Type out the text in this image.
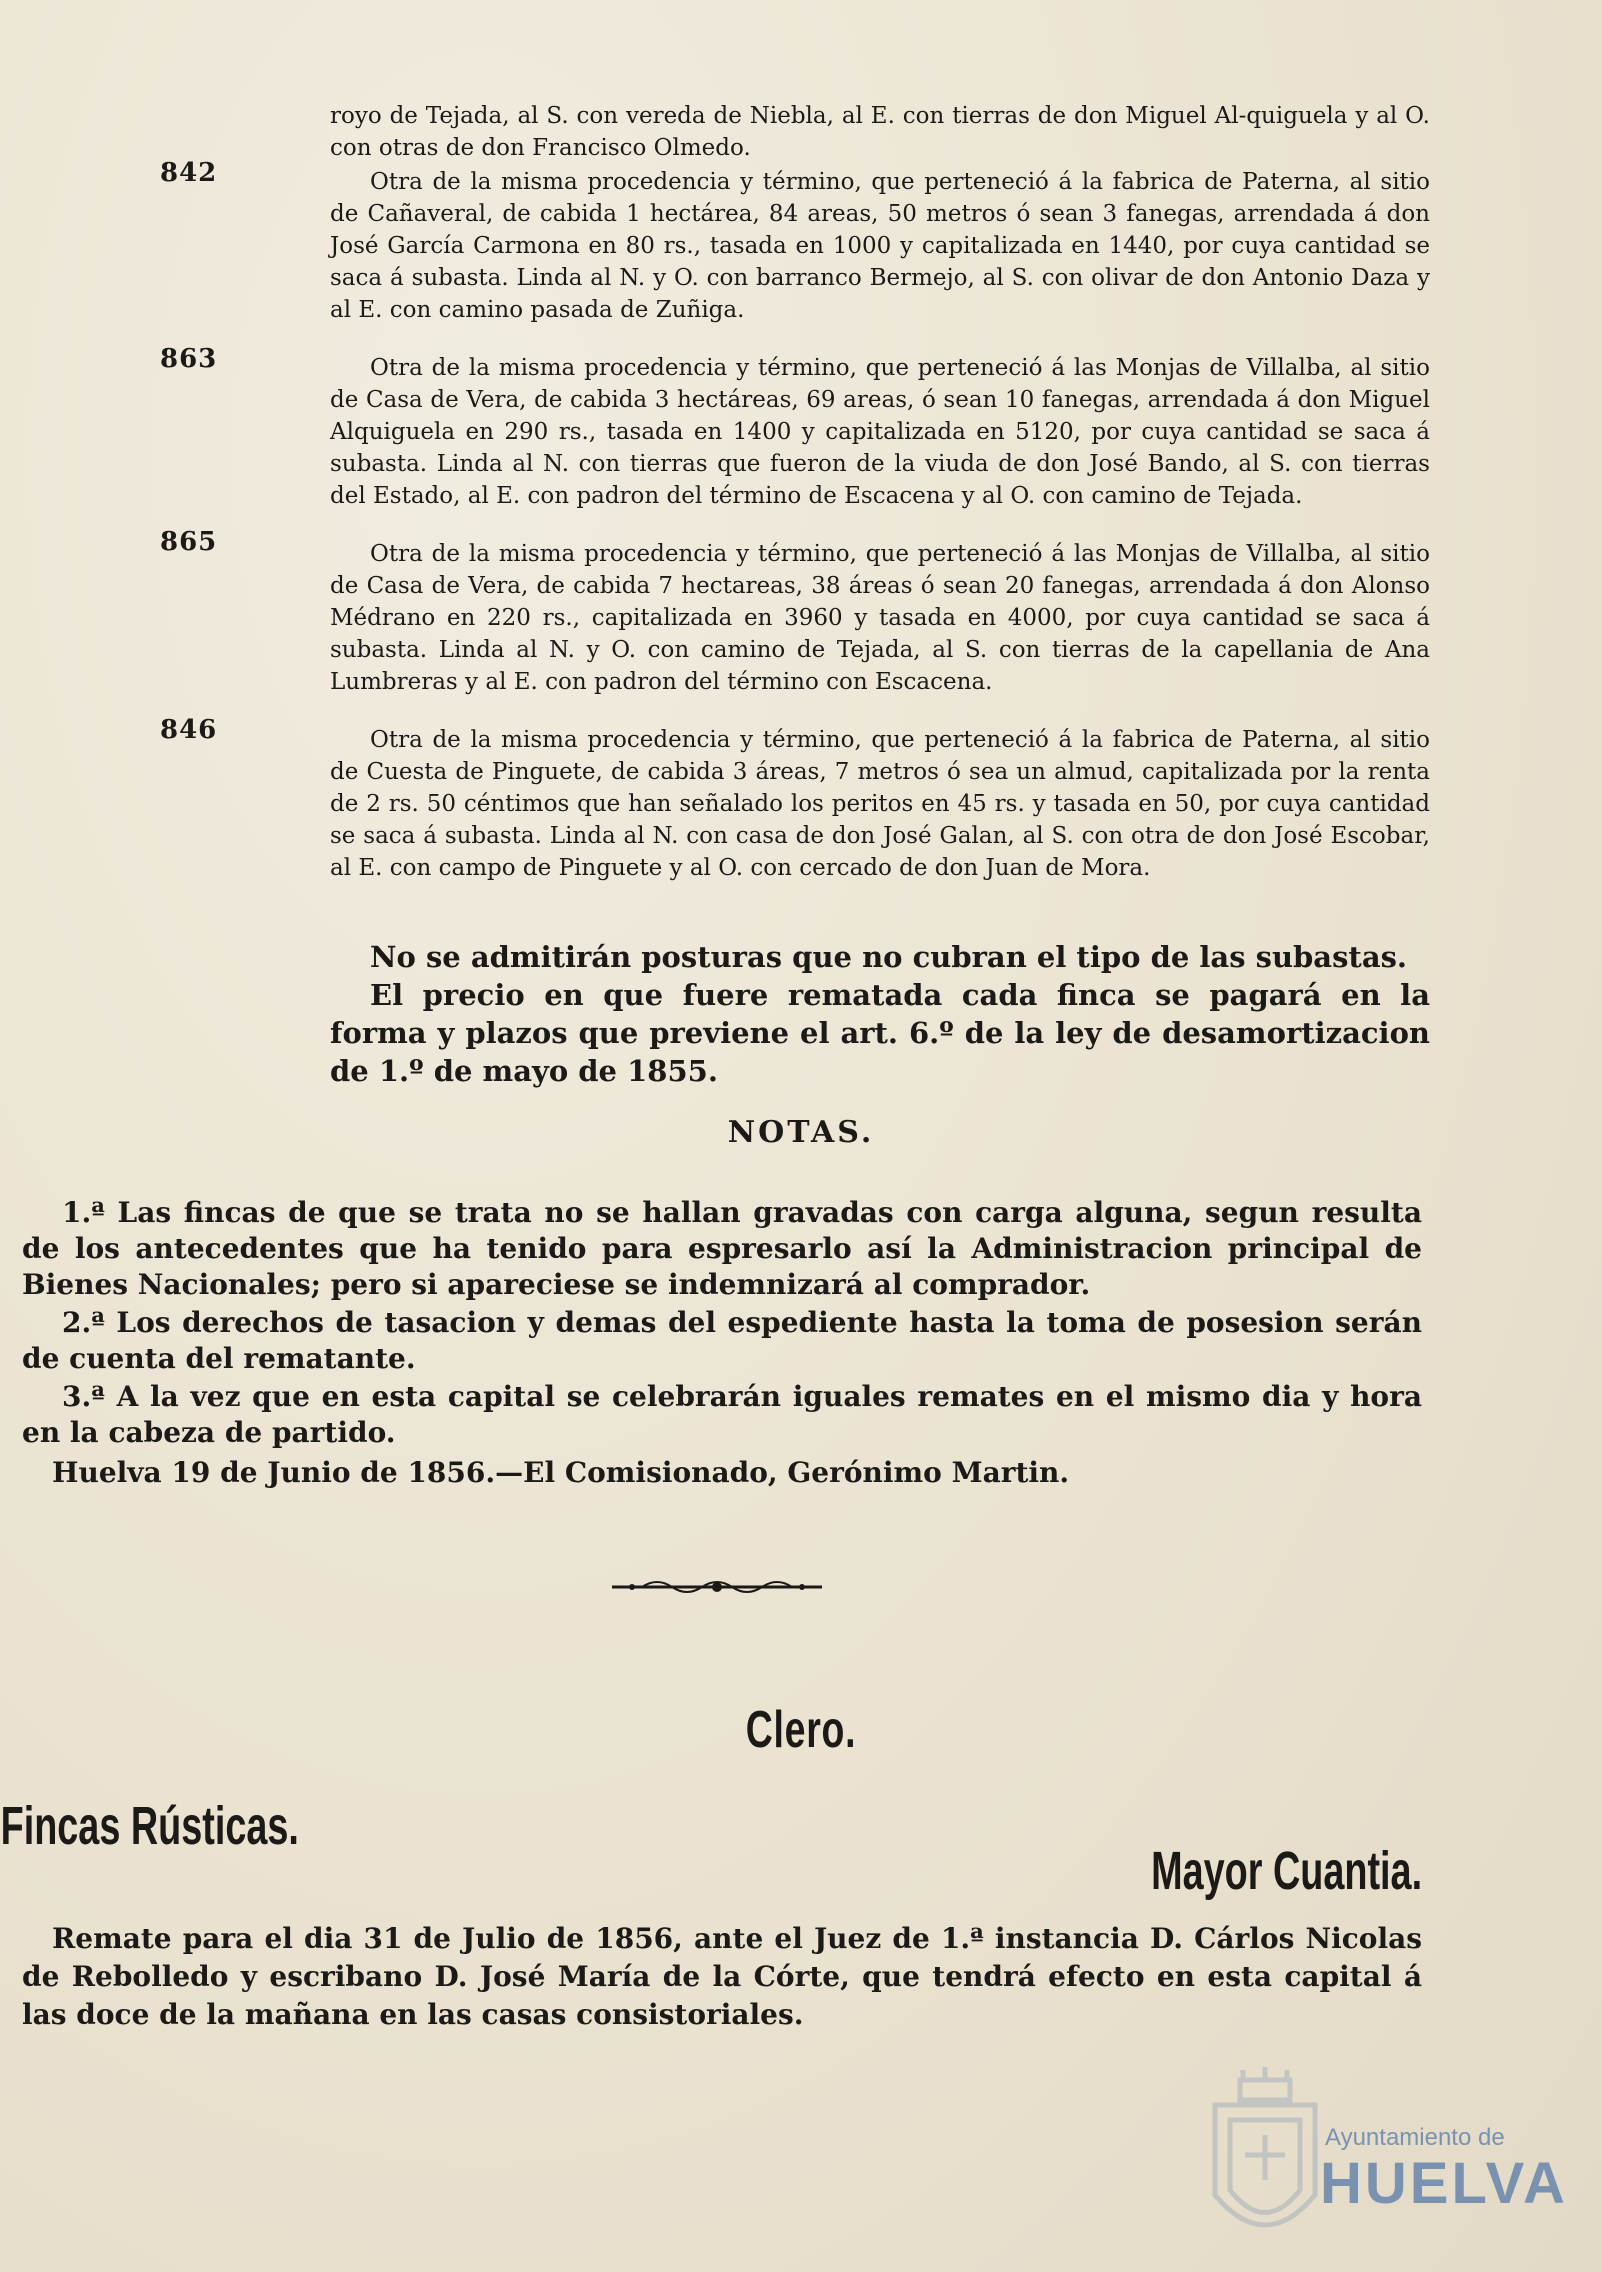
royo de Tejada, al S. con vereda de Niebla, al E. con tierras de don Miguel Al-quiguela y al O. con otras de don Francisco Olmedo.

842	Otra de la misma procedencia y término, que perteneció á la fabrica de Paterna, al sitio de Cañaveral, de cabida 1 hectárea, 84 areas, 50 metros ó sean 3 fanegas, arrendada á don José García Carmona en 80 rs., tasada en 1000 y capitalizada en 1440, por cuya cantidad se saca á subasta. Linda al N. y O. con barranco Bermejo, al S. con olivar de don Antonio Daza y al E. con camino pasada de Zuñiga.

863	Otra de la misma procedencia y término, que perteneció á las Monjas de Villalba, al sitio de Casa de Vera, de cabida 3 hectáreas, 69 areas, ó sean 10 fanegas, arrendada á don Miguel Alquiguela en 290 rs., tasada en 1400 y capitalizada en 5120, por cuya cantidad se saca á subasta. Linda al N. con tierras que fueron de la viuda de don José Bando, al S. con tierras del Estado, al E. con padron del término de Escacena y al O. con camino de Tejada.

865	Otra de la misma procedencia y término, que perteneció á las Monjas de Villalba, al sitio de Casa de Vera, de cabida 7 hectareas, 38 áreas ó sean 20 fanegas, arrendada á don Alonso Médrano en 220 rs., capitalizada en 3960 y tasada en 4000, por cuya cantidad se saca á subasta. Linda al N. y O. con camino de Tejada, al S. con tierras de la capellania de Ana Lumbreras y al E. con padron del término con Escacena.

846	Otra de la misma procedencia y término, que perteneció á la fabrica de Paterna, al sitio de Cuesta de Pinguete, de cabida 3 áreas, 7 metros ó sea un almud, capitalizada por la renta de 2 rs. 50 céntimos que han señalado los peritos en 45 rs. y tasada en 50, por cuya cantidad se saca á subasta. Linda al N. con casa de don José Galan, al S. con otra de don José Escobar, al E. con campo de Pinguete y al O. con cercado de don Juan de Mora.

No se admitirán posturas que no cubran el tipo de las subastas.

El precio en que fuere rematada cada finca se pagará en la forma y plazos que previene el art. 6.º de la ley de desamortizacion de 1.º de mayo de 1855.

NOTAS.

1.ª Las fincas de que se trata no se hallan gravadas con carga alguna, segun resulta de los antecedentes que ha tenido para espresarlo así la Administracion principal de Bienes Nacionales; pero si apareciese se indemnizará al comprador.

2.ª Los derechos de tasacion y demas del espediente hasta la toma de posesion serán de cuenta del rematante.

3.ª A la vez que en esta capital se celebrarán iguales remates en el mismo dia y hora en la cabeza de partido.

Huelva 19 de Junio de 1856.—El Comisionado, Gerónimo Martin.

Clero.
Fincas Rústicas.
Mayor Cuantia.

Remate para el dia 31 de Julio de 1856, ante el Juez de 1.ª instancia D. Cárlos Nicolas de Rebolledo y escribano D. José María de la Córte, que tendrá efecto en esta capital á las doce de la mañana en las casas consistoriales.

Ayuntamiento de
HUELVA
